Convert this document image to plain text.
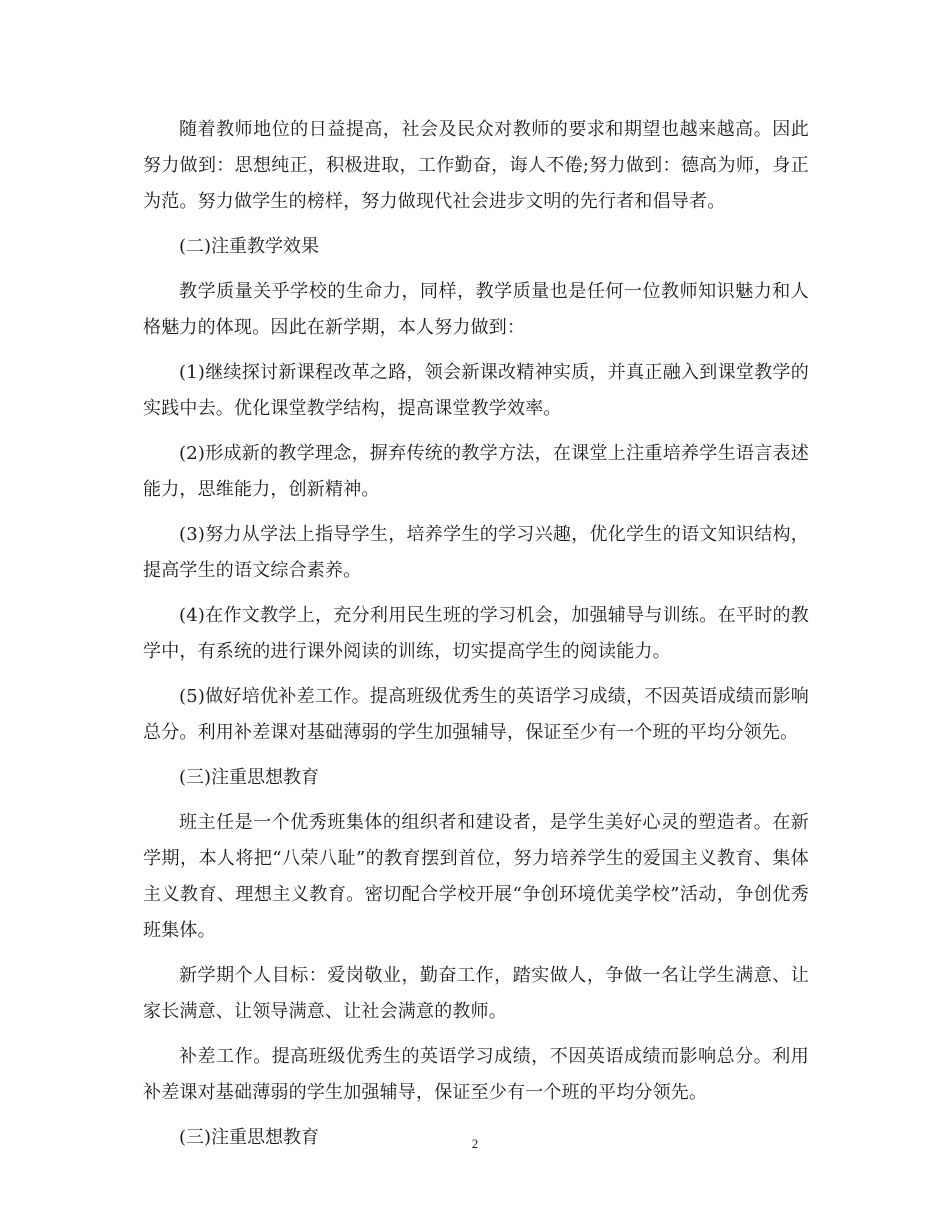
随着教师地位的日益提高，社会及民众对教师的要求和期望也越来越高。因此努力做到：思想纯正，积极进取，工作勤奋，诲人不倦;努力做到：德高为师，身正为范。努力做学生的榜样，努力做现代社会进步文明的先行者和倡导者。

(二)注重教学效果

教学质量关乎学校的生命力，同样，教学质量也是任何一位教师知识魅力和人格魅力的体现。因此在新学期，本人努力做到：

(1)继续探讨新课程改革之路，领会新课改精神实质，并真正融入到课堂教学的实践中去。优化课堂教学结构，提高课堂教学效率。

(2)形成新的教学理念，摒弃传统的教学方法，在课堂上注重培养学生语言表述能力，思维能力，创新精神。

(3)努力从学法上指导学生，培养学生的学习兴趣，优化学生的语文知识结构，提高学生的语文综合素养。

(4)在作文教学上，充分利用民生班的学习机会，加强辅导与训练。在平时的教学中，有系统的进行课外阅读的训练，切实提高学生的阅读能力。

(5)做好培优补差工作。提高班级优秀生的英语学习成绩，不因英语成绩而影响总分。利用补差课对基础薄弱的学生加强辅导，保证至少有一个班的平均分领先。

(三)注重思想教育

班主任是一个优秀班集体的组织者和建设者，是学生美好心灵的塑造者。在新学期，本人将把“八荣八耻”的教育摆到首位，努力培养学生的爱国主义教育、集体主义教育、理想主义教育。密切配合学校开展“争创环境优美学校”活动，争创优秀班集体。

新学期个人目标：爱岗敬业，勤奋工作，踏实做人，争做一名让学生满意、让家长满意、让领导满意、让社会满意的教师。

补差工作。提高班级优秀生的英语学习成绩，不因英语成绩而影响总分。利用补差课对基础薄弱的学生加强辅导，保证至少有一个班的平均分领先。

(三)注重思想教育	2
